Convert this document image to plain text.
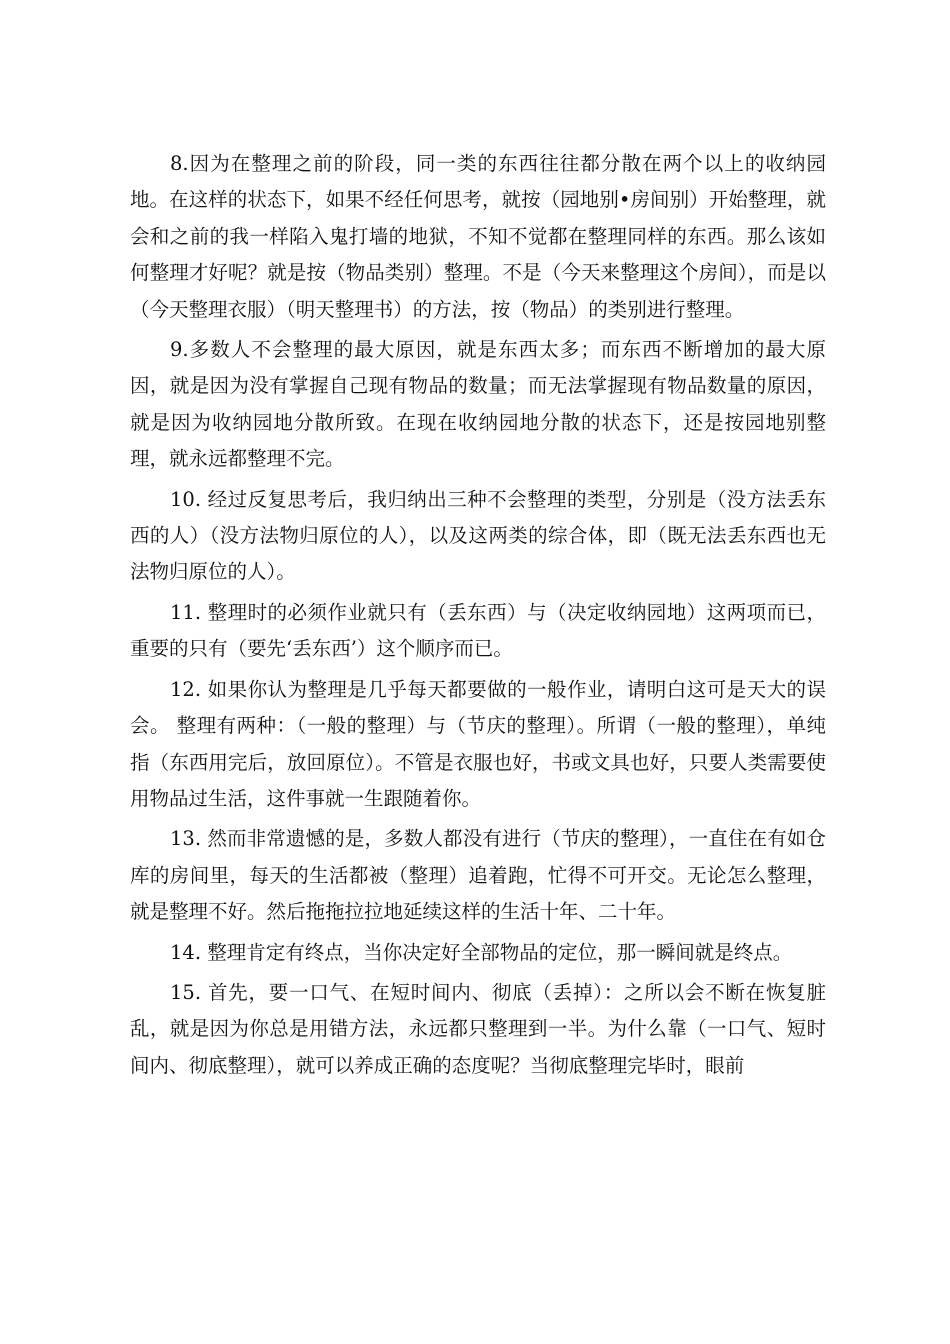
8.因为在整理之前的阶段，同一类的东西往往都分散在两个以上的收纳园地。在这样的状态下，如果不经任何思考，就按（园地别•房间别）开始整理，就会和之前的我一样陷入鬼打墙的地狱，不知不觉都在整理同样的东西。那么该如何整理才好呢？就是按（物品类别）整理。不是（今天来整理这个房间），而是以（今天整理衣服）（明天整理书）的方法，按（物品）的类别进行整理。

9.多数人不会整理的最大原因，就是东西太多；而东西不断增加的最大原因，就是因为没有掌握自己现有物品的数量；而无法掌握现有物品数量的原因，就是因为收纳园地分散所致。在现在收纳园地分散的状态下，还是按园地别整理，就永远都整理不完。

10. 经过反复思考后，我归纳出三种不会整理的类型，分别是（没方法丢东西的人）（没方法物归原位的人），以及这两类的综合体，即（既无法丢东西也无法物归原位的人）。

11. 整理时的必须作业就只有（丢东西）与（决定收纳园地）这两项而已，重要的只有（要先‘丢东西’）这个顺序而已。

12. 如果你认为整理是几乎每天都要做的一般作业，请明白这可是天大的误会。 整理有两种：（一般的整理）与（节庆的整理）。所谓（一般的整理），单纯指（东西用完后，放回原位）。不管是衣服也好，书或文具也好，只要人类需要使用物品过生活，这件事就一生跟随着你。

13. 然而非常遗憾的是，多数人都没有进行（节庆的整理），一直住在有如仓库的房间里，每天的生活都被（整理）追着跑，忙得不可开交。无论怎么整理，就是整理不好。然后拖拖拉拉地延续这样的生活十年、二十年。

14. 整理肯定有终点，当你决定好全部物品的定位，那一瞬间就是终点。

15. 首先，要一口气、在短时间内、彻底（丢掉）：之所以会不断在恢复脏乱，就是因为你总是用错方法，永远都只整理到一半。为什么靠（一口气、短时间内、彻底整理），就可以养成正确的态度呢？当彻底整理完毕时，眼前
